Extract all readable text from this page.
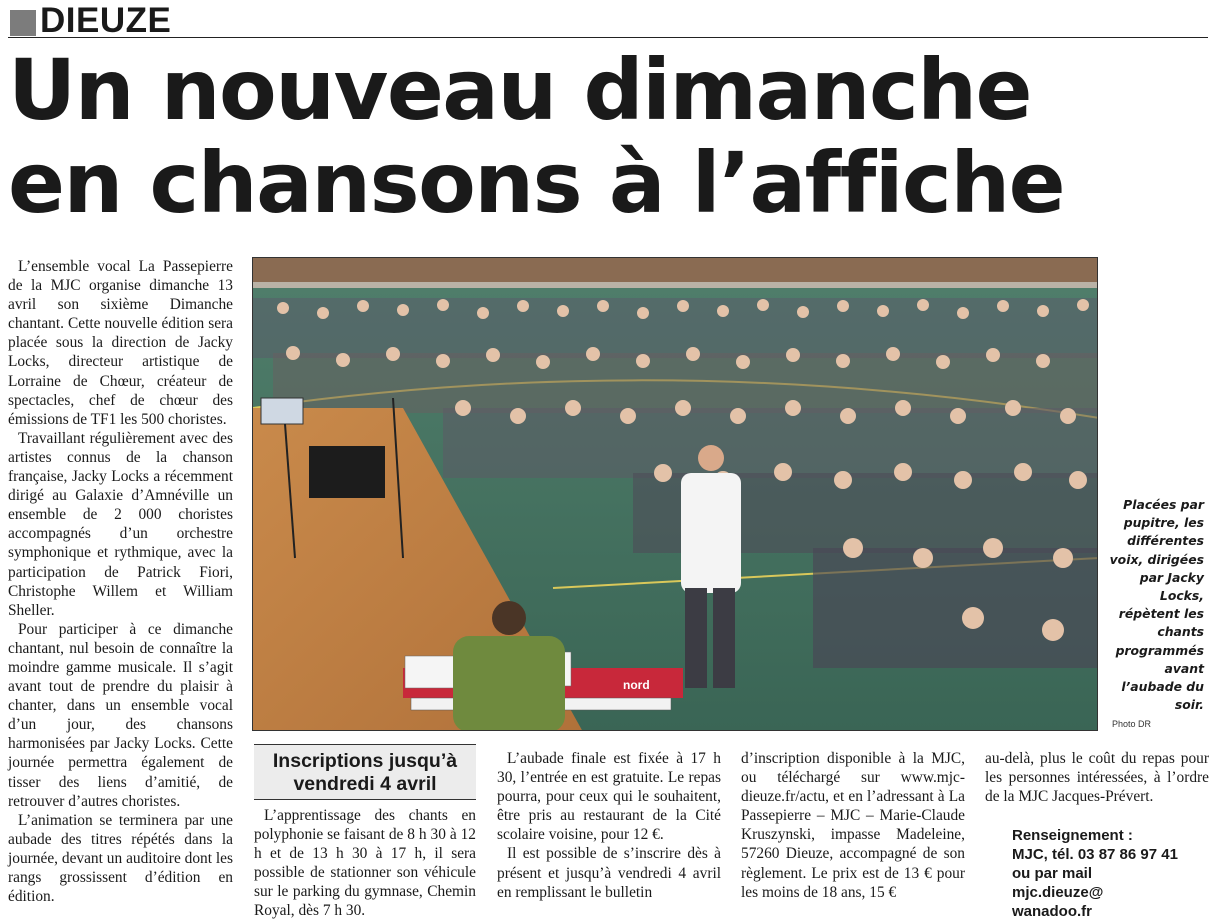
DIEUZE
Un nouveau dimanche
en chansons à l’affiche

L’ensemble vocal La Passepierre de la MJC organise dimanche 13 avril son sixième Dimanche chantant. Cette nouvelle édition sera placée sous la direction de Jacky Locks, directeur artistique de Lorraine de Chœur, créateur de spectacles, chef de chœur des émissions de TF1 les 500 choristes.

Travaillant régulièrement avec des artistes connus de la chanson française, Jacky Locks a récemment dirigé au Galaxie d’Amnéville un ensemble de 2 000 choristes accompagnés d’un orchestre symphonique et rythmique, avec la participation de Patrick Fiori, Christophe Willem et William Sheller.

Pour participer à ce dimanche chantant, nul besoin de connaître la moindre gamme musicale. Il s’agit avant tout de prendre du plaisir à chanter, dans un ensemble vocal d’un jour, des chansons harmonisées par Jacky Locks. Cette journée permettra également de tisser des liens d’amitié, de retrouver d’autres choristes.

L’animation se terminera par une aubade des titres répétés dans la journée, devant un auditoire dont les rangs grossissent d’édition en édition.

nord
Placées par pupitre, les différentes voix, dirigées par Jacky Locks, répètent les chants programmés avant l’aubade du soir.
Photo DR
Inscriptions jusqu’à
vendredi 4 avril

L’apprentissage des chants en polyphonie se faisant de 8 h 30 à 12 h et de 13 h 30 à 17 h, il sera possible de stationner son véhicule sur le parking du gymnase, Chemin Royal, dès 7 h 30.

L’aubade finale est fixée à 17 h 30, l’entrée en est gratuite. Le repas pourra, pour ceux qui le souhaitent, être pris au restaurant de la Cité scolaire voisine, pour 12 €.

Il est possible de s’inscrire dès à présent et jusqu’à vendredi 4 avril en remplissant le bulletin

d’inscription disponible à la MJC, ou téléchargé sur www.mjc-dieuze.fr/actu, et en l’adressant à La Passepierre – MJC – Marie-Claude Kruszynski, impasse Madeleine, 57260 Dieuze, accompagné de son règlement. Le prix est de 13 € pour les moins de 18 ans, 15 €

au-delà, plus le coût du repas pour les personnes intéressées, à l’ordre de la MJC Jacques-Prévert.

Renseignement :
MJC, tél. 03 87 86 97 41
ou par mail
mjc.dieuze@
wanadoo.fr
